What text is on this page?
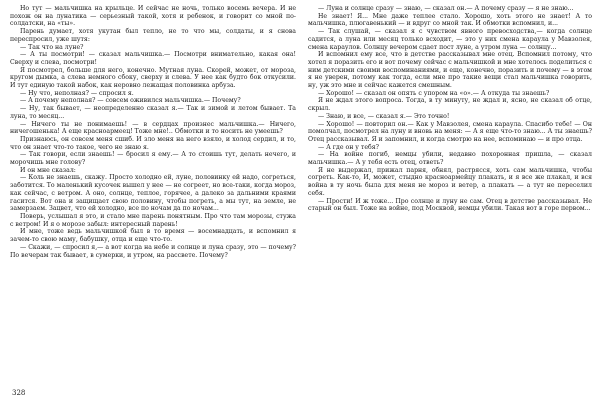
Но тут — мальчишка на крыльце. И сейчас не ночь, только восемь вечера. И не похож он на лунатика — серьезный такой, хотя и ребенок, и говорит со мной по-солдатски, на «ты».

Парень думает, хотя укутан был тепло, не то что мы, солдаты, и я снова переспросил, уже шутя:

— Так что на луне?

— А ты посмотри! — сказал мальчишка.— Посмотри внимательно, какая она! Сверху и слева, посмотри!

Я посмотрел, больше для него, конечно. Мутная луна. Скорей, может, от мороза, кругом дымка, а слева немного сбоку, сверху и слева. У нее как будто бок откусили. И тут единую такой набок, как неровно лежащая половинка арбуза.

— Ну что, неполная? — спросил я.

— А почему неполная? — совсем оживился мальчишка.— Почему?

— Ну, так бывает, — неопределенно сказал я.— Так и зимой и летом бывает. Та луна, то месяц...

— Ничего ты не понимаешь! — в сердцах произнес мальчишка.— Ничего, ничегошенька! А еще красноармеец! Тоже мне!.. Обмотки и то носить не умеешь?

Признаюсь, он совсем меня сшиб. И зло меня на него взяло, и холод сердил, и то, что он знает что-то такое, чего не знаю я.

— Так говори, если знаешь! — бросил я ему.— А то стоишь тут, делать нечего, и морочишь мне голову?

И он мне сказал:

— Коль не знаешь, скажу. Просто холодно ей, луне, половинку ей надо, согреться, заботится. То маленький кусочек вышел у нее — не согреет, но все-таки, когда мороз, как сейчас, с ветром. А оно, солнце, теплое, горячее, а далеко за дальними краями гасится. Вот она и защищает свою половину, чтобы погреть, а мы тут, на земле, не замерзаем. Зацвет, что ей холодно, все по ночам да по ночам...

Поверь, услышал я это, и стало мне парень понятным. Про что там морозы, стужа с ветром! И я о морозе забыл: интересный парень!

И мне, тоже ведь мальчишкой был в то время — восемнадцать, и вспомнил я зачем-то свою маму, бабушку, отца и еще что-то.

— Скажи, — спросил я,— а вот когда на небе и солнце и луна сразу, это — почему? По вечерам так бывает, в сумерки, и утром, на рассвете. Почему?

— Луна и солнце сразу — знаю, — сказал он.— А почему сразу — я не знаю...

Не знает! Я... Мне даже теплее стало. Хорошо, хоть этого не знает! А то мальчишка, плюгавенький — и вдруг со мной так. И обмотки вспомнил, и...

— Так слушай, — сказал я с чувством явного превосходства,— когда солнце садится, а луна или месяц только всходит, — это у них смена караула у Мавзолея, смена караулов. Солнцу вечером сдает пост луне, а утром луна — солнцу...

И вспомнил ему все, что в детстве рассказывал мне отец. Вспомнил потому, что хотел я поразить его и вот почему сейчас с мальчишкой и мне хотелось поделиться с ним детскими своими воспоминаниями, и еще, конечно, поразить и почему — в этом я не уверен, потому как тогда, если мне про такие вещи стал мальчишка говорить, ну, уж это мне и сейчас кажется смешным.

— Хорошо! — сказал он опять с упором на «о».— А откуда ты знаешь?

Я не ждал этого вопроса. Тогда, в ту минуту, не ждал и, ясно, не сказал об отце, скрыл.

— Знаю, и все, — сказал я.— Это точно!

— Хорошо! — повторил он.— Как у Мавзолея, смена караула. Спасибо тебе! — Он помолчал, посмотрел на луну и вновь на меня: — А я еще что-то знаю... А ты знаешь? Отец рассказывал. Я и запомнил, и когда смотрю на нее, вспоминаю — и про отца.

— А где он у тебя?

— На войне погиб, немцы убили, недавно похоронная пришла, — сказал мальчишка.— А у тебя есть отец, ответь?

Я не выдержал, прижал парня, обнял, растрясся, хоть сам мальчишка, чтобы согреть. Как-то, И, может, стыдно красноармейцу плакать, и я все же плакал, и вся война в ту ночь была для меня не мороз и ветер, а плакать — а тут не переселил себя.

— Прости! И ж тоже... Про солнце и луну не сам. Отец в детстве рассказывал. Не старый он был. Тоже на войне, под Москвой, немцы убили. Такая вот в горе первом...

328
